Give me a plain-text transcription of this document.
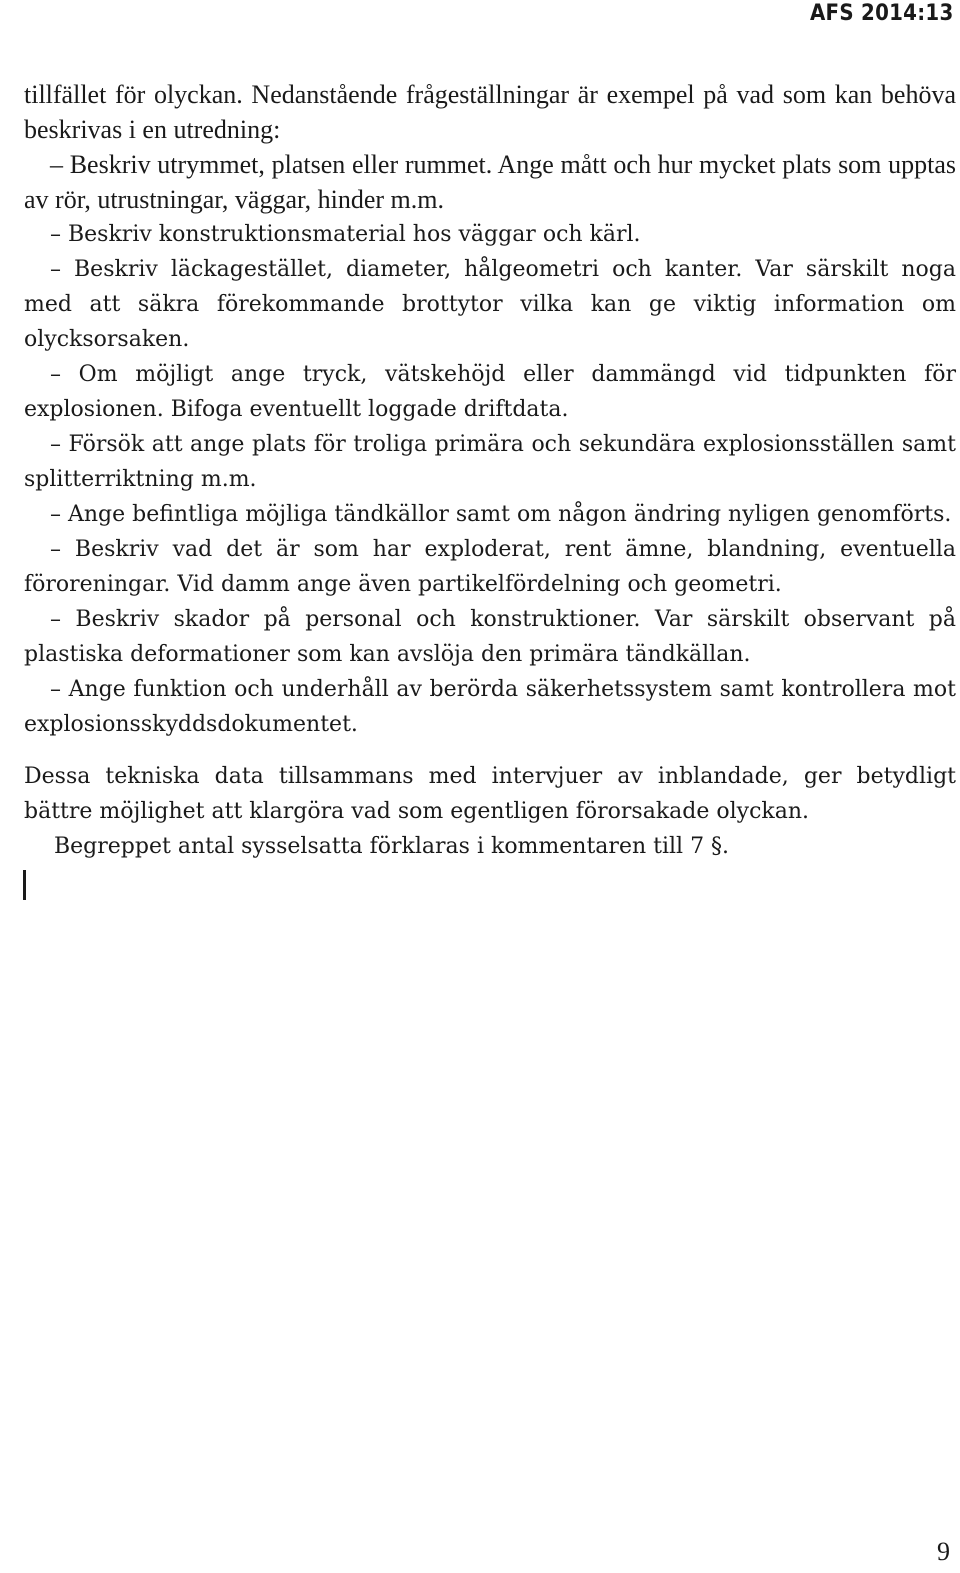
AFS 2014:13

tillfället för olyckan. Nedanstående frågeställningar är exempel på vad som kan behöva beskrivas i en utredning:

– Beskriv utrymmet, platsen eller rummet. Ange mått och hur mycket plats som upptas av rör, utrustningar, väggar, hinder m.m.

– Beskriv konstruktionsmaterial hos väggar och kärl.

– Beskriv läckagestället, diameter, hålgeometri och kanter. Var särskilt noga med att säkra förekommande brottytor vilka kan ge viktig information om olycksorsaken.

– Om möjligt ange tryck, vätskehöjd eller dammängd vid tidpunkten för explosionen. Bifoga eventuellt loggade driftdata.

– Försök att ange plats för troliga primära och sekundära explosionsställen samt splitterriktning m.m.

– Ange befintliga möjliga tändkällor samt om någon ändring nyligen genomförts.

– Beskriv vad det är som har exploderat, rent ämne, blandning, eventuella föroreningar. Vid damm ange även partikelfördelning och geometri.

– Beskriv skador på personal och konstruktioner. Var särskilt observant på plastiska deformationer som kan avslöja den primära tändkällan.

– Ange funktion och underhåll av berörda säkerhetssystem samt kontrollera mot explosionsskyddsdokumentet.

Dessa tekniska data tillsammans med intervjuer av inblandade, ger betydligt bättre möjlighet att klargöra vad som egentligen förorsakade olyckan.

Begreppet antal sysselsatta förklaras i kommentaren till 7 §.

9
